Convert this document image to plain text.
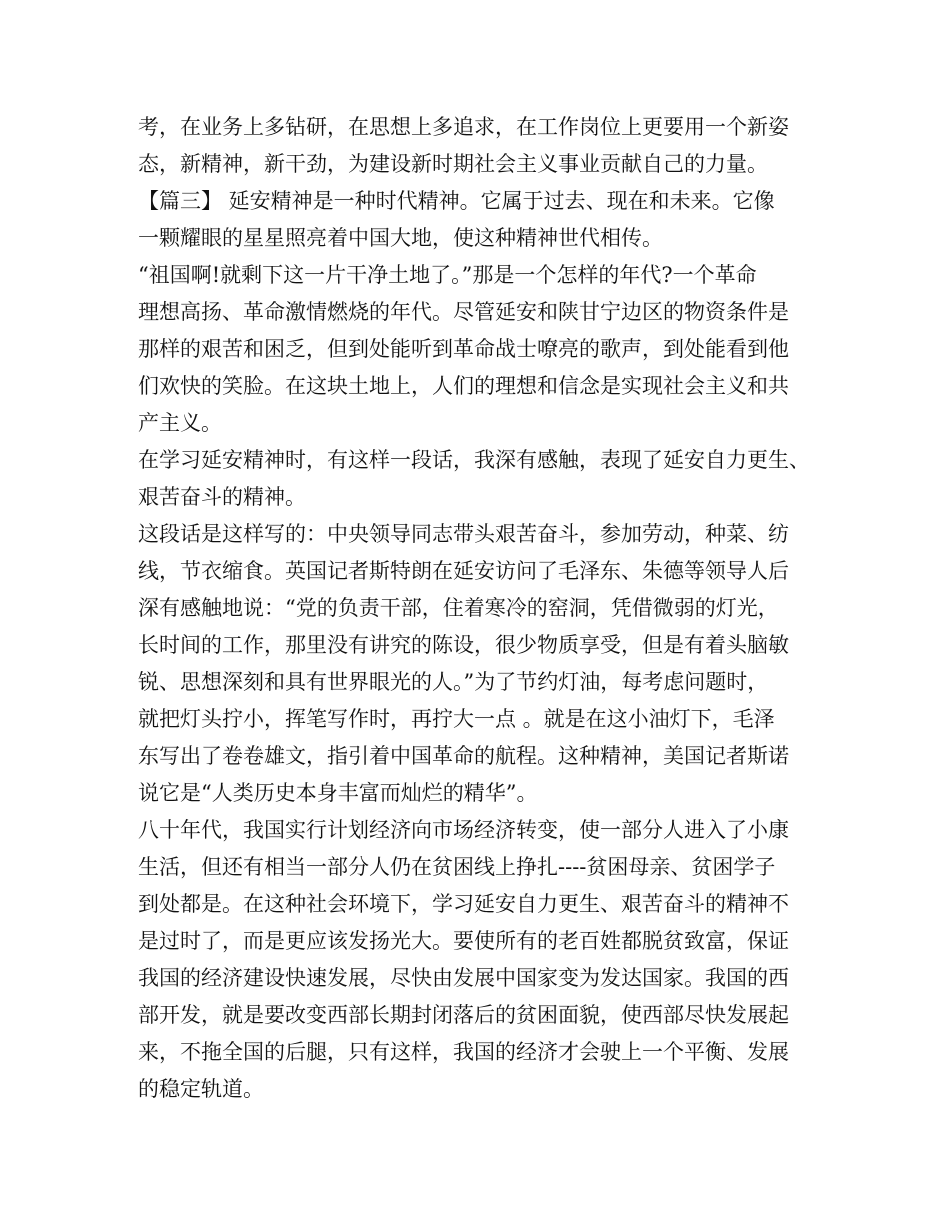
考，在业务上多钻研，在思想上多追求，在工作岗位上更要用一个新姿
态，新精神，新干劲，为建设新时期社会主义事业贡献自己的力量。
【篇三】 延安精神是一种时代精神。它属于过去、现在和未来。它像
一颗耀眼的星星照亮着中国大地，使这种精神世代相传。
“祖国啊!就剩下这一片干净土地了。”那是一个怎样的年代?一个革命
理想高扬、革命激情燃烧的年代。尽管延安和陕甘宁边区的物资条件是
那样的艰苦和困乏，但到处能听到革命战士嘹亮的歌声，到处能看到他
们欢快的笑脸。在这块土地上，人们的理想和信念是实现社会主义和共
产主义。
在学习延安精神时，有这样一段话，我深有感触，表现了延安自力更生、
艰苦奋斗的精神。
这段话是这样写的：中央领导同志带头艰苦奋斗，参加劳动，种菜、纺
线，节衣缩食。英国记者斯特朗在延安访问了毛泽东、朱德等领导人后
深有感触地说：“党的负责干部，住着寒冷的窑洞，凭借微弱的灯光，
长时间的工作，那里没有讲究的陈设，很少物质享受，但是有着头脑敏
锐、思想深刻和具有世界眼光的人。”为了节约灯油，每考虑问题时，
就把灯头拧小，挥笔写作时，再拧大一点 。就是在这小油灯下，毛泽
东写出了卷卷雄文，指引着中国革命的航程。这种精神，美国记者斯诺
说它是“人类历史本身丰富而灿烂的精华”。
八十年代，我国实行计划经济向市场经济转变，使一部分人进入了小康
生活，但还有相当一部分人仍在贫困线上挣扎----贫困母亲、贫困学子
到处都是。在这种社会环境下，学习延安自力更生、艰苦奋斗的精神不
是过时了，而是更应该发扬光大。要使所有的老百姓都脱贫致富，保证
我国的经济建设快速发展，尽快由发展中国家变为发达国家。我国的西
部开发，就是要改变西部长期封闭落后的贫困面貌，使西部尽快发展起
来，不拖全国的后腿，只有这样，我国的经济才会驶上一个平衡、发展
的稳定轨道。
